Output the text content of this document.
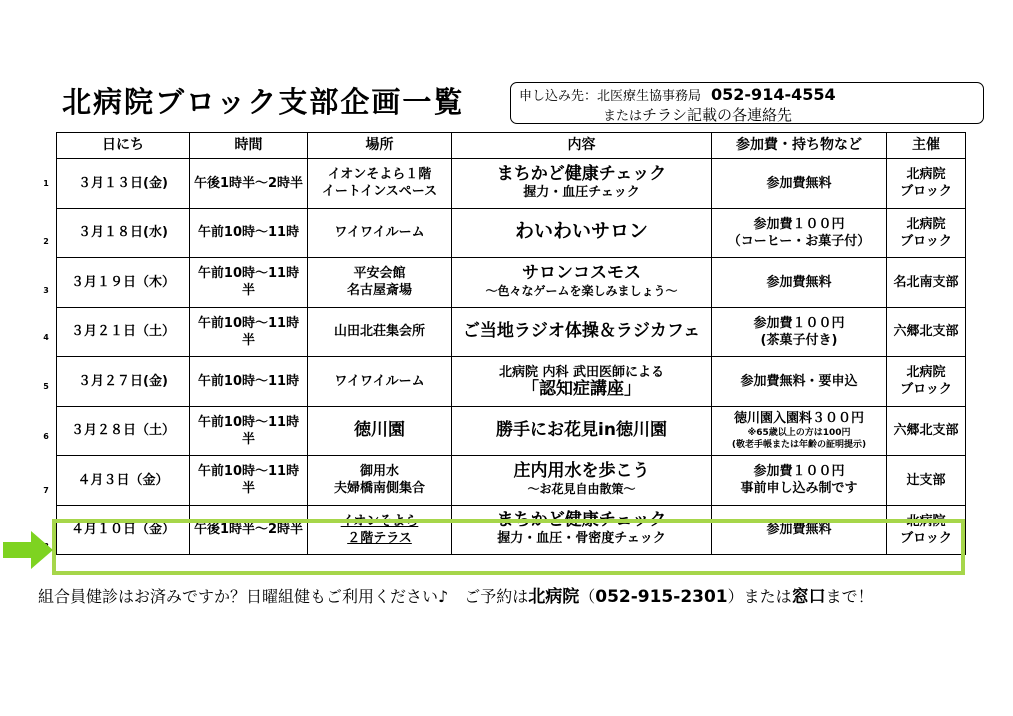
北病院ブロック支部企画一覧	申し込み先：北医療生協事務局 052-914-4554
またはチラシ記載の各連絡先
日にち	時間	場所	内容	参加費・持ち物など	主催
３月１３日(金)	午後1時半～2時半	イオンそよら１階
イートインスペース	まちかど健康チェック
握力・血圧チェック	参加費無料	北病院
ブロック
３月１８日(水)	午前10時～11時	ワイワイルーム	わいわいサロン	参加費１００円
（コーヒー・お菓子付）	北病院
ブロック
３月１９日（木）	午前10時～11時半	平安会館
名古屋斎場	サロンコスモス
～色々なゲームを楽しみましょう～	参加費無料	名北南支部
３月２１日（土）	午前10時～11時半	山田北荘集会所	ご当地ラジオ体操＆ラジカフェ	参加費１００円
(茶菓子付き)	六郷北支部
３月２７日(金)	午前10時～11時	ワイワイルーム	北病院 内科 武田医師による
「認知症講座」	参加費無料・要申込	北病院
ブロック
３月２８日（土）	午前10時～11時半	徳川園	勝手にお花見in徳川園	徳川園入園料３００円
※65歳以上の方は100円
(敬老手帳または年齢の証明提示)	六郷北支部
４月３日（金）	午前10時～11時半	御用水
夫婦橋南側集合	庄内用水を歩こう
～お花見自由散策～	参加費１００円
事前申し込み制です	辻支部
４月１０日（金）	午後1時半～2時半	イオンそよら
２階テラス	まちかど健康チェック
握力・血圧・骨密度チェック	参加費無料	北病院
ブロック
1
2
3
4
5
6
7
組合員健診はお済みですか？日曜組健もご利用ください♪　ご予約は北病院（052-915-2301）または窓口まで！
